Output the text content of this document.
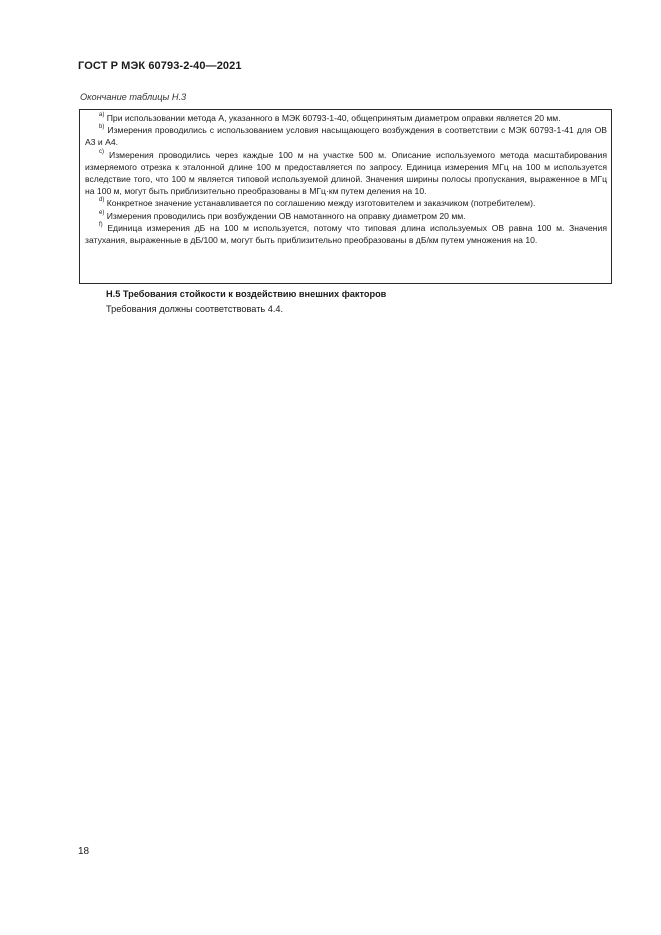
ГОСТ Р МЭК 60793-2-40—2021
Окончание таблицы Н.3
$^{a)}$ При использовании метода А, указанного в МЭК 60793-1-40, общепринятым диаметром оправки является 20 мм.
$^{b)}$ Измерения проводились с использованием условия насыщающего возбуждения в соответствии с МЭК 60793-1-41 для ОВ А3 и А4.
$^{c)}$ Измерения проводились через каждые 100 м на участке 500 м. Описание используемого метода масштабирования измеряемого отрезка к эталонной длине 100 м предоставляется по запросу. Единица измерения МГц на 100 м используется вследствие того, что 100 м является типовой используемой длиной. Значения ширины полосы пропускания, выраженное в МГц на 100 м, могут быть приблизительно преобразованы в МГц·км путем деления на 10.
$^{d)}$ Конкретное значение устанавливается по соглашению между изготовителем и заказчиком (потребителем).
$^{e)}$ Измерения проводились при возбуждении ОВ намотанного на оправку диаметром 20 мм.
$^{f)}$ Единица измерения дБ на 100 м используется, потому что типовая длина используемых ОВ равна 100 м. Значения затухания, выраженные в дБ/100 м, могут быть приблизительно преобразованы в дБ/км путем умножения на 10.
Н.5 Требования стойкости к воздействию внешних факторов
Требования должны соответствовать 4.4.
18
